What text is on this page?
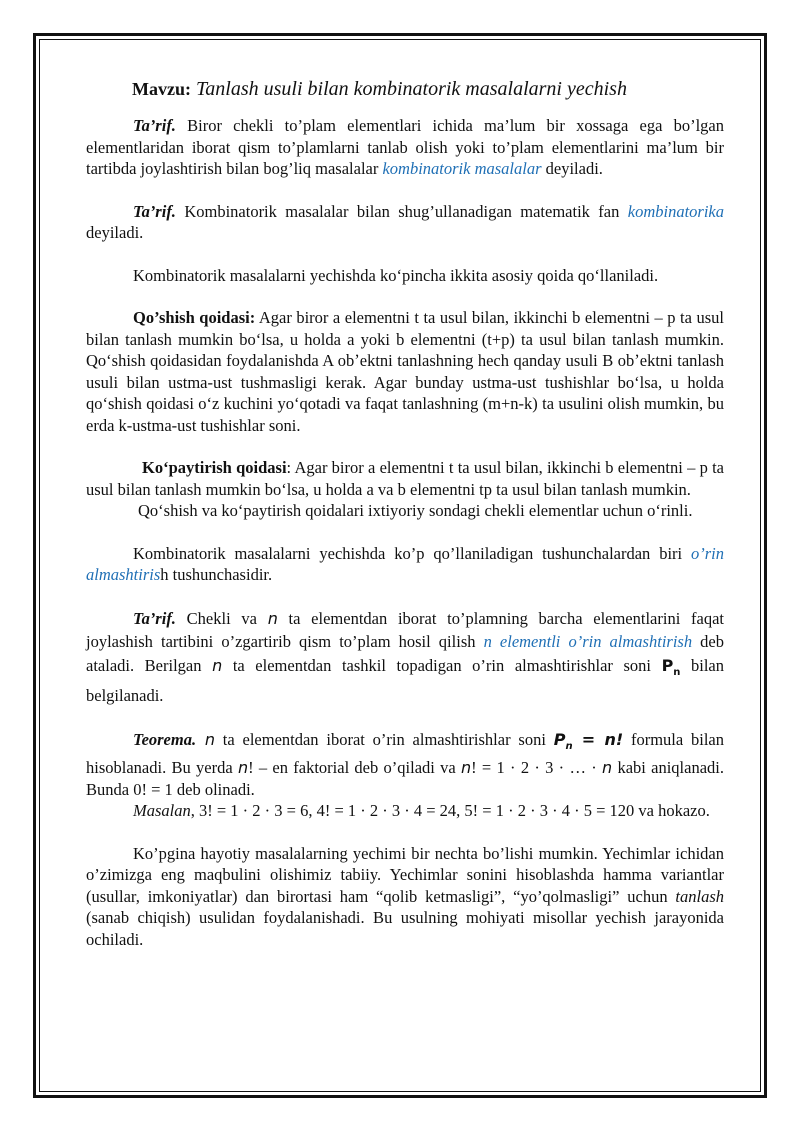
Mavzu: Tanlash usuli bilan kombinatorik masalalarni yechish

Ta’rif. Biror chekli to’plam elementlari ichida ma’lum bir xossaga ega bo’lgan elementlaridan iborat qism to’plamlarni tanlab olish yoki to’plam elementlarini ma’lum bir tartibda joylashtirish bilan bog’liq masalalar kombinatorik masalalar deyiladi.

Ta’rif. Kombinatorik masalalar bilan shug’ullanadigan matematik fan kombinatorika deyiladi.

Kombinatorik masalalarni yechishda koʻpincha ikkita asosiy qoida qoʻllaniladi.

Qo’shish qoidasi: Agar biror a elementni t ta usul bilan, ikkinchi b elementni – p ta usul bilan tanlash mumkin boʻlsa, u holda a yoki b elementni (t+p) ta usul bilan tanlash mumkin. Qoʻshish qoidasidan foydalanishda A obʼektni tanlashning hech qanday usuli B obʼektni tanlash usuli bilan ustma-ust tushmasligi kerak. Agar bunday ustma-ust tushishlar boʻlsa, u holda qoʻshish qoidasi oʻz kuchini yoʻqotadi va faqat tanlashning (m+n-k) ta usulini olish mumkin, bu erda k-ustma-ust tushishlar soni.

Koʻpaytirish qoidasi: Agar biror a elementni t ta usul bilan, ikkinchi b elementni – p ta usul bilan tanlash mumkin boʻlsa, u holda a va b elementni tp ta usul bilan tanlash mumkin.

Qoʻshish va koʻpaytirish qoidalari ixtiyoriy sondagi chekli elementlar uchun oʻrinli.

Kombinatorik masalalarni yechishda ko’p qo’llaniladigan tushunchalardan biri o’rin almashtirish tushunchasidir.

Ta’rif. Chekli va n ta elementdan iborat to’plamning barcha elementlarini faqat joylashish tartibini o’zgartirib qism to’plam hosil qilish n elementli o’rin almashtirish deb ataladi. Berilgan n ta elementdan tashkil topadigan o’rin almashtirishlar soni $P_n$ bilan belgilanadi.

Teorema. n ta elementdan iborat o’rin almashtirishlar soni $P_n = n$! formula bilan hisoblanadi. Bu yerda n! – en faktorial deb o’qiladi va n! = 1 · 2 · 3 · … · n kabi aniqlanadi. Bunda 0! = 1 deb olinadi.

Masalan, 3! = 1 · 2 · 3 = 6, 4! = 1 · 2 · 3 · 4 = 24, 5! = 1 · 2 · 3 · 4 · 5 = 120 va hokazo.

Ko’pgina hayotiy masalalarning yechimi bir nechta bo’lishi mumkin. Yechimlar ichidan o’zimizga eng maqbulini olishimiz tabiiy. Yechimlar sonini hisoblashda hamma variantlar (usullar, imkoniyatlar) dan birortasi ham “qolib ketmasligi”, “yo’qolmasligi” uchun tanlash (sanab chiqish) usulidan foydalanishadi. Bu usulning mohiyati misollar yechish jarayonida ochiladi.
